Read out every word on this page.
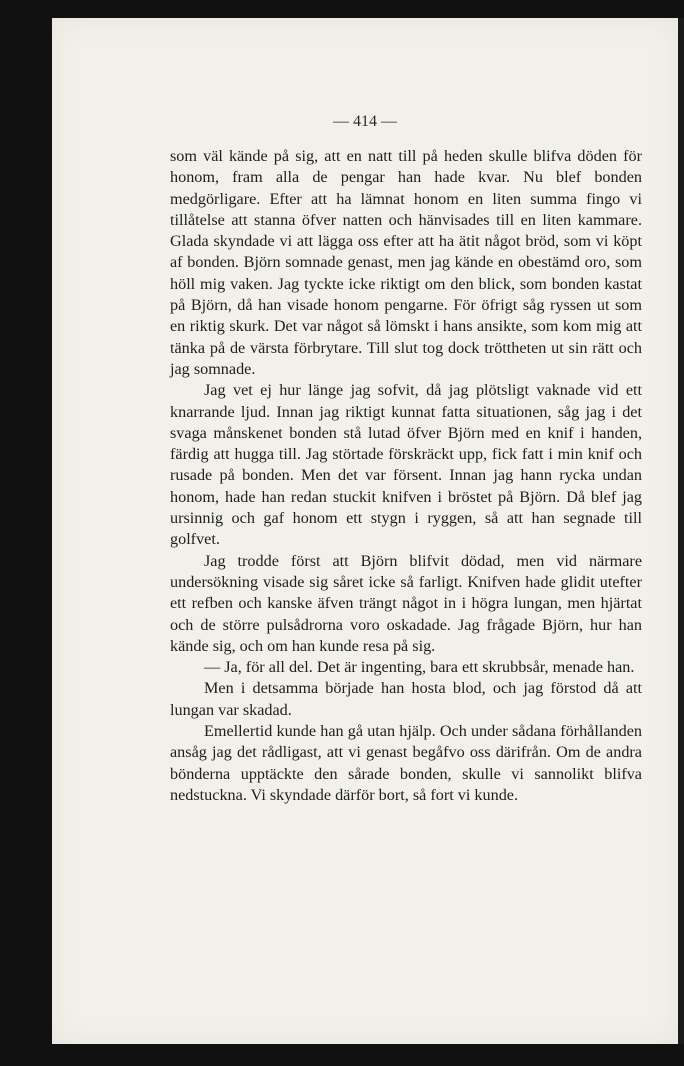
— 414 —

som väl kände på sig, att en natt till på heden skulle blifva döden för honom, fram alla de pengar han hade kvar. Nu blef bonden medgörligare. Efter att ha lämnat honom en liten summa fingo vi tillåtelse att stanna öfver natten och hänvisades till en liten kammare. Glada skyndade vi att lägga oss efter att ha ätit något bröd, som vi köpt af bonden. Björn somnade genast, men jag kände en obestämd oro, som höll mig vaken. Jag tyckte icke riktigt om den blick, som bonden kastat på Björn, då han visade honom pengarne. För öfrigt såg ryssen ut som en riktig skurk. Det var något så lömskt i hans ansikte, som kom mig att tänka på de värsta förbrytare. Till slut tog dock tröttheten ut sin rätt och jag somnade.

Jag vet ej hur länge jag sofvit, då jag plötsligt vaknade vid ett knarrande ljud. Innan jag riktigt kunnat fatta situationen, såg jag i det svaga månskenet bonden stå lutad öfver Björn med en knif i handen, färdig att hugga till. Jag störtade förskräckt upp, fick fatt i min knif och rusade på bonden. Men det var försent. Innan jag hann rycka undan honom, hade han redan stuckit knifven i bröstet på Björn. Då blef jag ursinnig och gaf honom ett stygn i ryggen, så att han segnade till golfvet.

Jag trodde först att Björn blifvit dödad, men vid närmare undersökning visade sig såret icke så farligt. Knifven hade glidit utefter ett refben och kanske äfven trängt något in i högra lungan, men hjärtat och de större pulsådrorna voro oskadade. Jag frågade Björn, hur han kände sig, och om han kunde resa på sig.

— Ja, för all del. Det är ingenting, bara ett skrubbsår, menade han.

Men i detsamma började han hosta blod, och jag förstod då att lungan var skadad.

Emellertid kunde han gå utan hjälp. Och under sådana förhållanden ansåg jag det rådligast, att vi genast begåfvo oss därifrån. Om de andra bönderna upptäckte den sårade bonden, skulle vi sannolikt blifva nedstuckna. Vi skyndade därför bort, så fort vi kunde.
